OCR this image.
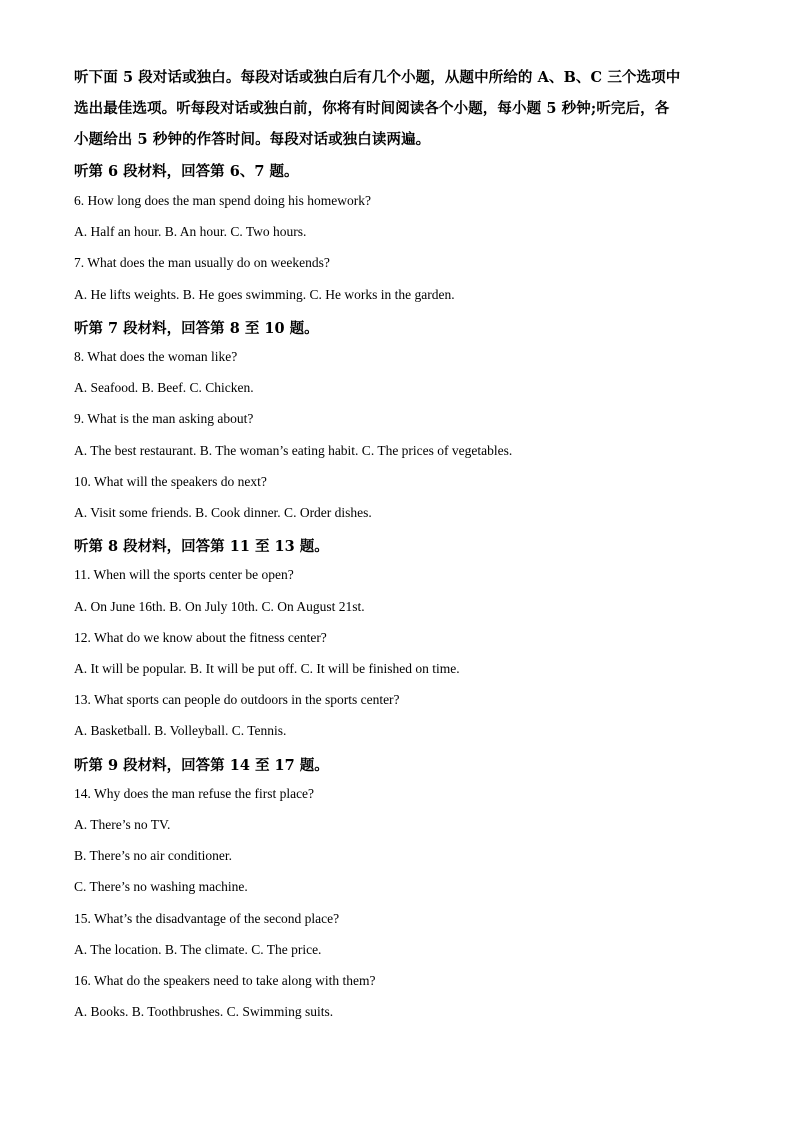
听下面 5 段对话或独白。每段对话或独白后有几个小题，从题中所给的 A、B、C 三个选项中
选出最佳选项。听每段对话或独白前，你将有时间阅读各个小题，每小题 5 秒钟;听完后，各
小题给出 5 秒钟的作答时间。每段对话或独白读两遍。
听第 6 段材料，回答第 6、7 题。
6. How long does the man spend doing his homework?
A. Half an hour. B. An hour. C. Two hours.
7. What does the man usually do on weekends?
A. He lifts weights. B. He goes swimming. C. He works in the garden.
听第 7 段材料，回答第 8 至 10 题。
8. What does the woman like?
A. Seafood. B. Beef. C. Chicken.
9. What is the man asking about?
A. The best restaurant. B. The woman’s eating habit. C. The prices of vegetables.
10. What will the speakers do next?
A. Visit some friends. B. Cook dinner. C. Order dishes.
听第 8 段材料，回答第 11 至 13 题。
11. When will the sports center be open?
A. On June 16th. B. On July 10th. C. On August 21st.
12. What do we know about the fitness center?
A. It will be popular. B. It will be put off. C. It will be finished on time.
13. What sports can people do outdoors in the sports center?
A. Basketball. B. Volleyball. C. Tennis.
听第 9 段材料，回答第 14 至 17 题。
14. Why does the man refuse the first place?
A. There’s no TV.
B. There’s no air conditioner.
C. There’s no washing machine.
15. What’s the disadvantage of the second place?
A. The location. B. The climate. C. The price.
16. What do the speakers need to take along with them?
A. Books. B. Toothbrushes. C. Swimming suits.
